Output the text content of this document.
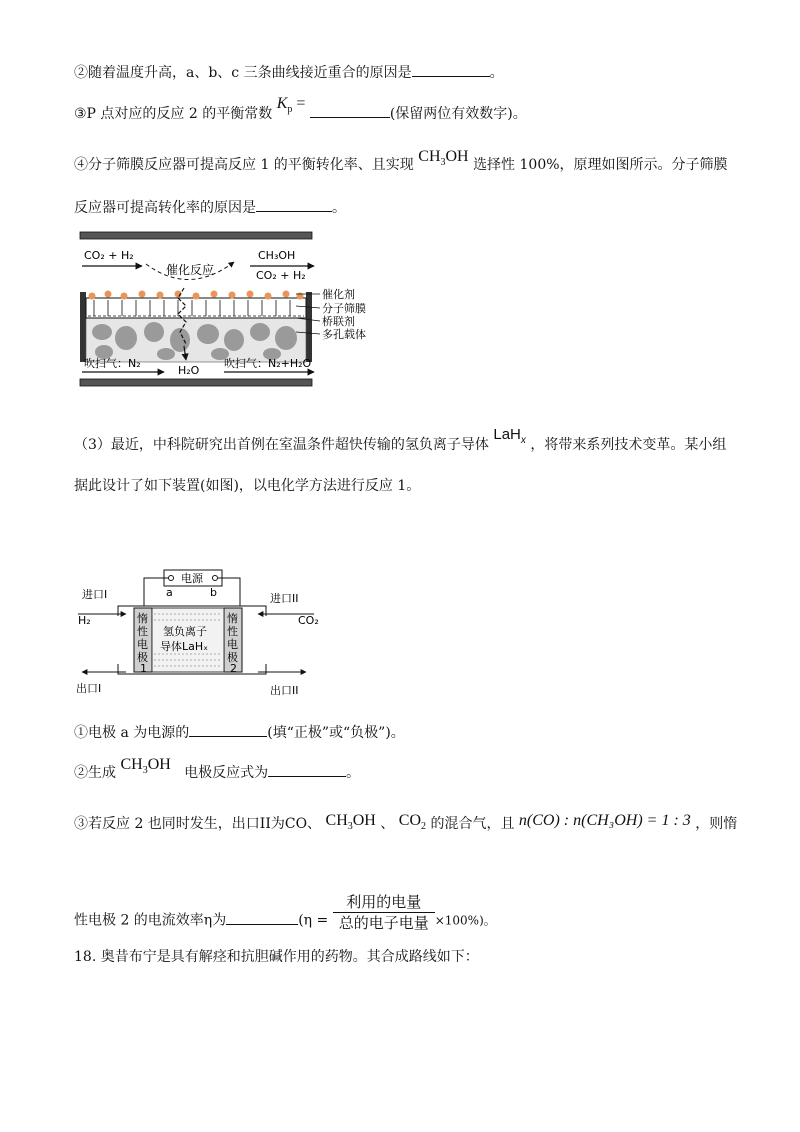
②随着温度升高，a、b、c 三条曲线接近重合的原因是	。
③P 点对应的反应 2 的平衡常数 $K_p$ = (保留两位有效数字)。
④分子筛膜反应器可提高反应 1 的平衡转化率、且实现 $CH_3OH$ 选择性 100%，原理如图所示。分子筛膜
反应器可提高转化率的原因是	。
CO₂ + H₂	CH₃OH
CO₂ + H₂
催化反应
H₂O
吹扫气：N₂	吹扫气：N₂+H₂O
催化剂
分子筛膜
桥联剂
多孔载体
（3）最近，中科院研究出首例在室温条件超快传输的氢负离子导体 LaH$_x$ ，将带来系列技术变革。某小组
据此设计了如下装置(如图)，以电化学方法进行反应 1。
电源
a	b
氢负离子
导体LaHₓ
惰
性
电
极
1
惰
性
电
极
2
进口I	进口II
H₂	CO₂
出口I	出口II
①电极 a 为电源的	(填“正极”或“负极”)。
②生成 $CH_3OH$ 电极反应式为	。
③若反应 2 也同时发生，出口II为CO、 $CH_3OH$ 、 $CO_2$ 的混合气，且 n(CO) : n(CH₃OH) = 1 : 3 ，则惰
性电极 2 的电流效率η为	(η =
利用的电量
总的电子电量 ×100%)。
18. 奥昔布宁是具有解痉和抗胆碱作用的药物。其合成路线如下：
